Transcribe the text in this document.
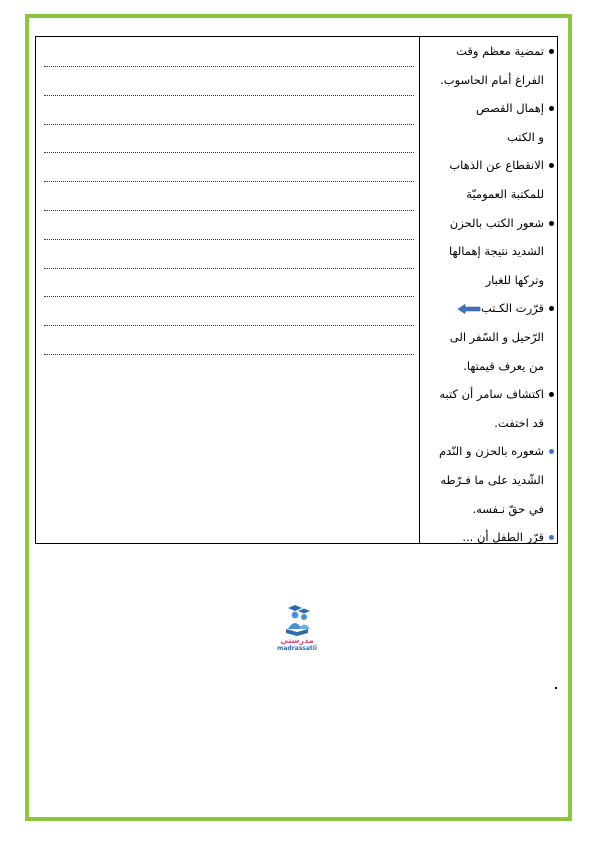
تمضية معظم وقت
الفراغ أمام الحاسوب.
إهمال القصص
و الكتب
الانقطاع عن الذهاب
للمكتبة العموميّة
شعور الكتب بالحزن
الشديد نتيجة إهمالها
وتركها للغبار
قرّرت الكـتب
الرّحيل و السّفر الى
من يعرف قيمتها.
اكتشاف سامر أن كتبه
قد اختفت.
شعوره بالحزن و النّدم
الشّديد على ما فـرّطه
في حقّ نـفسه.
قرّر الطفل أن ...
مدرستي
madrassatii
